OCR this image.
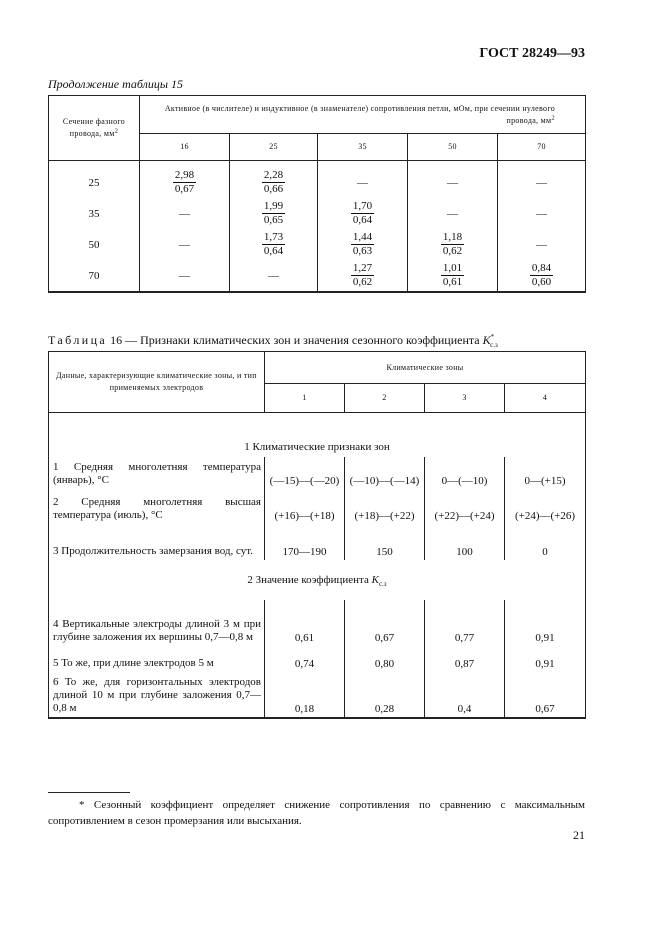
ГОСТ 28249—93
Продолжение таблицы 15
Сечение фазного провода, $мм^2$	Активное (в числителе) и индуктивное (в знаменателе) сопротивления петли, мОм, при сечении нулевого провода, $мм^2$
	16	25	35	50	70
25	$\frac{2,98}{0,67}$	$\frac{2,28}{0,66}$	—	—	—
35	—	$\frac{1,99}{0,65}$	$\frac{1,70}{0,64}$	—	—
50	—	$\frac{1,73}{0,64}$	$\frac{1,44}{0,63}$	$\frac{1,18}{0,62}$	—
70	—	—	$\frac{1,27}{0,62}$	$\frac{1,01}{0,61}$	$\frac{0,84}{0,60}$
Таблица 16 — Признаки климатических зон и значения сезонного коэффициента $K^*_{с.з}$
Данные, характеризующие климатические зоны, и тип применяемых электродов	Климатические зоны			
	1	2	3	4
1 Климатические признаки зон				
1 Средняя многолетняя температура (январь), °С	(—15)—(—20)	(—10)—(—14)	0—(—10)	0—(+15)
2 Средняя многолетняя высшая температура (июль), °С	(+16)—(+18)	(+18)—(+22)	(+22)—(+24)	(+24)—(+26)
3 Продолжительность замерзания вод, сут.	170—190	150	100	0
2 Значение коэффициента $K_{с.з}$
4 Вертикальные электроды длиной 3 м при глубине заложения их вершины 0,7—0,8 м	0,61	0,67	0,77	0,91
5 То же, при длине электродов 5 м	0,74	0,80	0,87	0,91
6 То же, для горизонтальных электродов длиной 10 м при глубине заложения 0,7—0,8 м	0,18	0,28	0,4	0,67
* Сезонный коэффициент определяет снижение сопротивления по сравнению с максимальным сопротивлением в сезон промерзания или высыхания.
21
